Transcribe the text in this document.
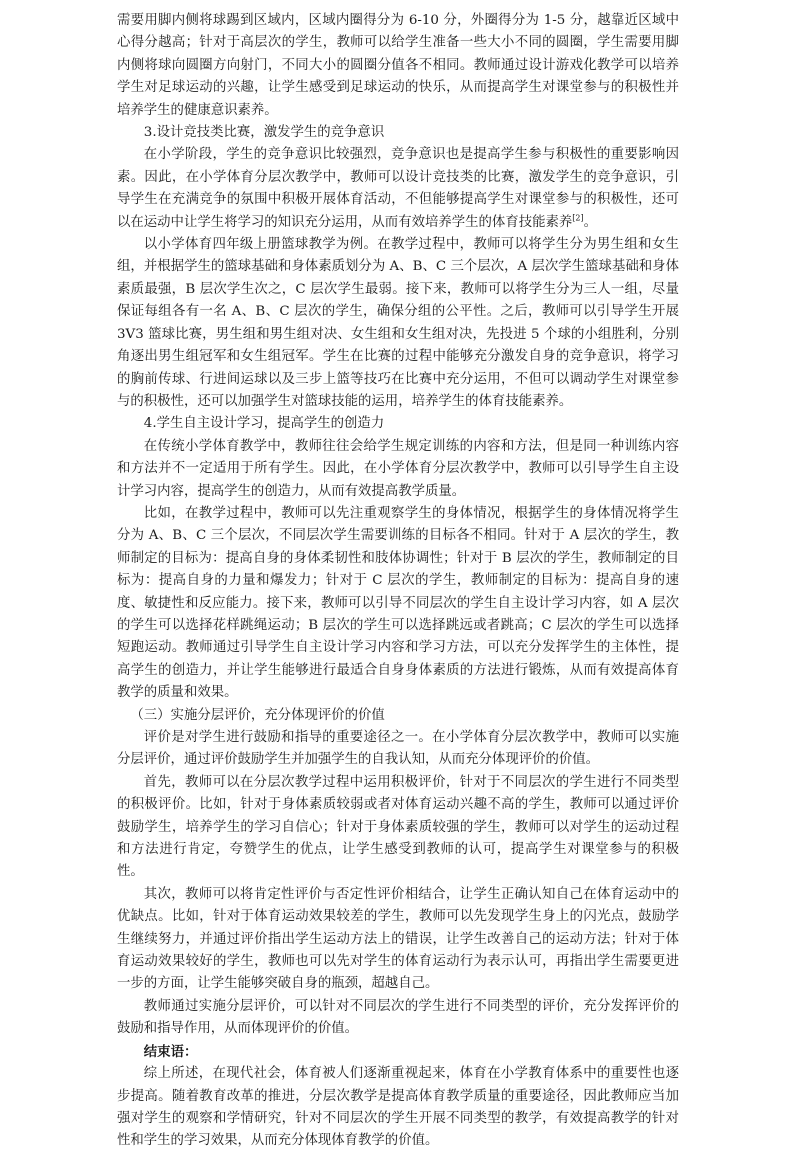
需要用脚内侧将球踢到区域内，区域内圈得分为 6-10 分，外圈得分为 1-5 分，越靠近区域中心得分越高；针对于高层次的学生，教师可以给学生准备一些大小不同的圆圈，学生需要用脚内侧将球向圆圈方向射门，不同大小的圆圈分值各不相同。教师通过设计游戏化教学可以培养学生对足球运动的兴趣，让学生感受到足球运动的快乐，从而提高学生对课堂参与的积极性并培养学生的健康意识素养。

3.设计竞技类比赛，激发学生的竞争意识

在小学阶段，学生的竞争意识比较强烈，竞争意识也是提高学生参与积极性的重要影响因素。因此，在小学体育分层次教学中，教师可以设计竞技类的比赛，激发学生的竞争意识，引导学生在充满竞争的氛围中积极开展体育活动，不但能够提高学生对课堂参与的积极性，还可以在运动中让学生将学习的知识充分运用，从而有效培养学生的体育技能素养[2]。

以小学体育四年级上册篮球教学为例。在教学过程中，教师可以将学生分为男生组和女生组，并根据学生的篮球基础和身体素质划分为 A、B、C 三个层次，A 层次学生篮球基础和身体素质最强，B 层次学生次之，C 层次学生最弱。接下来，教师可以将学生分为三人一组，尽量保证每组各有一名 A、B、C 层次的学生，确保分组的公平性。之后，教师可以引导学生开展 3V3 篮球比赛，男生组和男生组对决、女生组和女生组对决，先投进 5 个球的小组胜利，分别角逐出男生组冠军和女生组冠军。学生在比赛的过程中能够充分激发自身的竞争意识，将学习的胸前传球、行进间运球以及三步上篮等技巧在比赛中充分运用，不但可以调动学生对课堂参与的积极性，还可以加强学生对篮球技能的运用，培养学生的体育技能素养。

4.学生自主设计学习，提高学生的创造力

在传统小学体育教学中，教师往往会给学生规定训练的内容和方法，但是同一种训练内容和方法并不一定适用于所有学生。因此，在小学体育分层次教学中，教师可以引导学生自主设计学习内容，提高学生的创造力，从而有效提高教学质量。

比如，在教学过程中，教师可以先注重观察学生的身体情况，根据学生的身体情况将学生分为 A、B、C 三个层次，不同层次学生需要训练的目标各不相同。针对于 A 层次的学生，教师制定的目标为：提高自身的身体柔韧性和肢体协调性；针对于 B 层次的学生，教师制定的目标为：提高自身的力量和爆发力；针对于 C 层次的学生，教师制定的目标为：提高自身的速度、敏捷性和反应能力。接下来，教师可以引导不同层次的学生自主设计学习内容，如 A 层次的学生可以选择花样跳绳运动；B 层次的学生可以选择跳远或者跳高；C 层次的学生可以选择短跑运动。教师通过引导学生自主设计学习内容和学习方法，可以充分发挥学生的主体性，提高学生的创造力，并让学生能够进行最适合自身身体素质的方法进行锻炼，从而有效提高体育教学的质量和效果。

（三）实施分层评价，充分体现评价的价值

评价是对学生进行鼓励和指导的重要途径之一。在小学体育分层次教学中，教师可以实施分层评价，通过评价鼓励学生并加强学生的自我认知，从而充分体现评价的价值。

首先，教师可以在分层次教学过程中运用积极评价，针对于不同层次的学生进行不同类型的积极评价。比如，针对于身体素质较弱或者对体育运动兴趣不高的学生，教师可以通过评价鼓励学生，培养学生的学习自信心；针对于身体素质较强的学生，教师可以对学生的运动过程和方法进行肯定，夸赞学生的优点，让学生感受到教师的认可，提高学生对课堂参与的积极性。

其次，教师可以将肯定性评价与否定性评价相结合，让学生正确认知自己在体育运动中的优缺点。比如，针对于体育运动效果较差的学生，教师可以先发现学生身上的闪光点，鼓励学生继续努力，并通过评价指出学生运动方法上的错误，让学生改善自己的运动方法；针对于体育运动效果较好的学生，教师也可以先对学生的体育运动行为表示认可，再指出学生需要更进一步的方面，让学生能够突破自身的瓶颈，超越自己。

教师通过实施分层评价，可以针对不同层次的学生进行不同类型的评价，充分发挥评价的鼓励和指导作用，从而体现评价的价值。

结束语：

综上所述，在现代社会，体育被人们逐渐重视起来，体育在小学教育体系中的重要性也逐步提高。随着教育改革的推进，分层次教学是提高体育教学质量的重要途径，因此教师应当加强对学生的观察和学情研究，针对不同层次的学生开展不同类型的教学，有效提高教学的针对性和学生的学习效果，从而充分体现体育教学的价值。
